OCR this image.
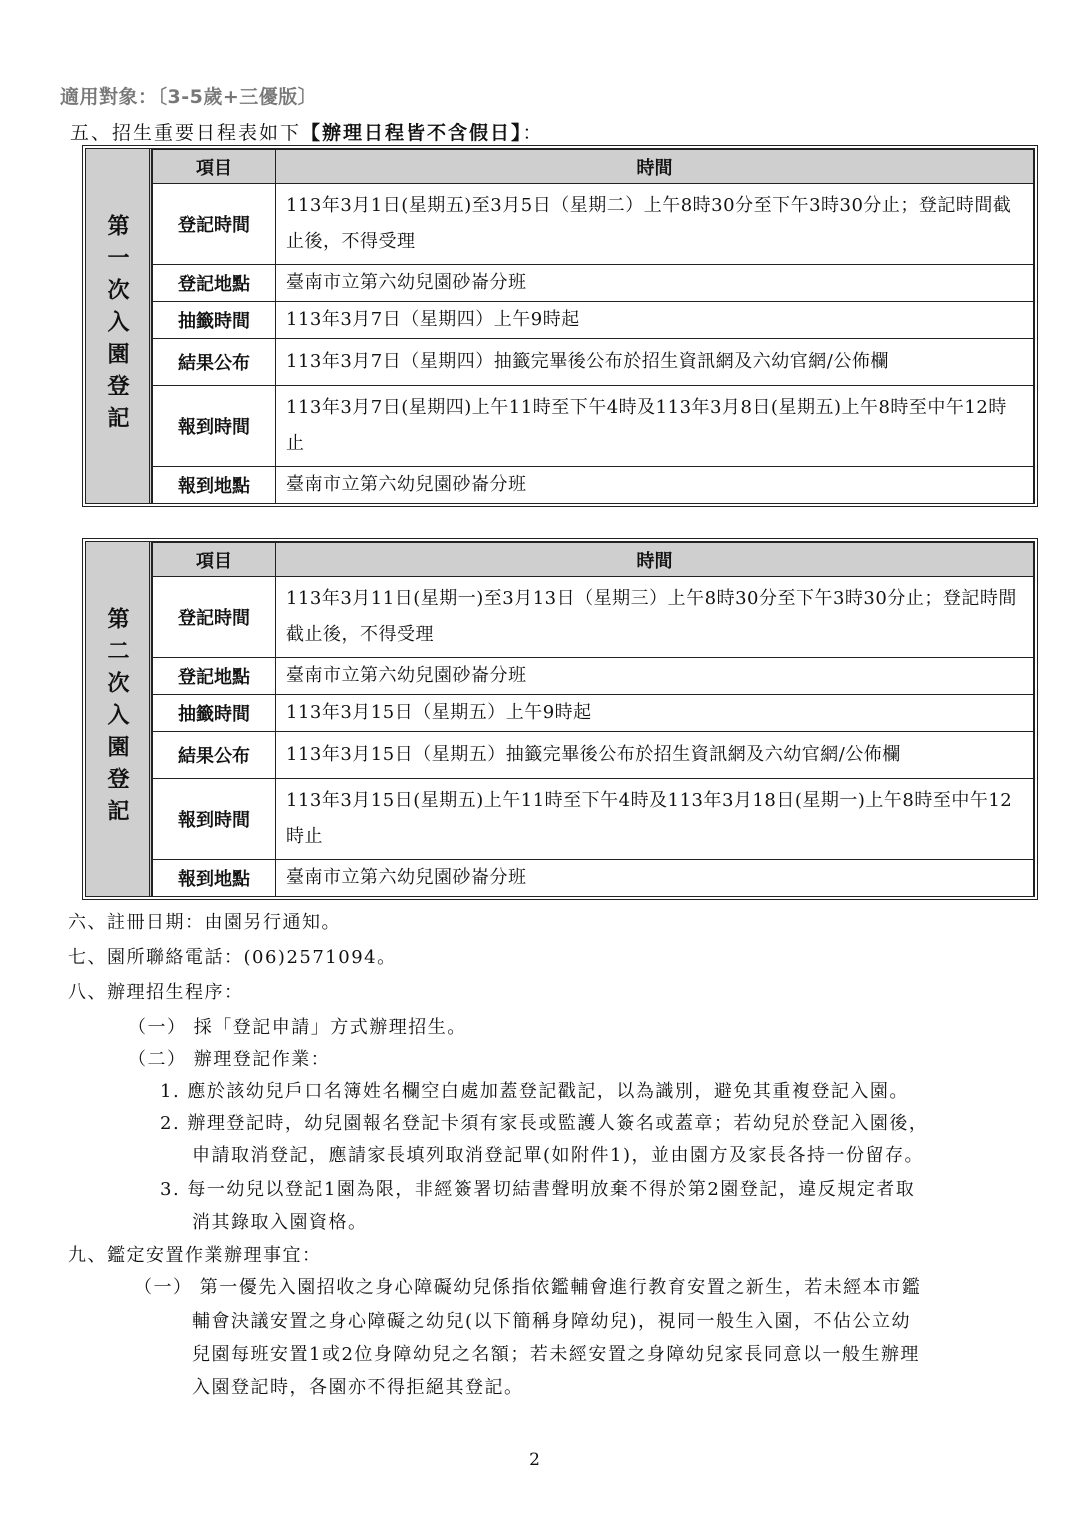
適用對象：〔3-5歲+三優版〕
五、招生重要日程表如下【辦理日程皆不含假日】：
第一次入園登記
項目	時間
登記時間	113年3月1日(星期五)至3月5日（星期二）上午8時30分至下午3時30分止；登記時間截止後，不得受理
登記地點	臺南市立第六幼兒園砂崙分班
抽籤時間	113年3月7日（星期四）上午9時起
結果公布	113年3月7日（星期四）抽籤完畢後公布於招生資訊網及六幼官網/公佈欄
報到時間	113年3月7日(星期四)上午11時至下午4時及113年3月8日(星期五)上午8時至中午12時止
報到地點	臺南市立第六幼兒園砂崙分班
第二次入園登記
項目	時間
登記時間	113年3月11日(星期一)至3月13日（星期三）上午8時30分至下午3時30分止；登記時間截止後，不得受理
登記地點	臺南市立第六幼兒園砂崙分班
抽籤時間	113年3月15日（星期五）上午9時起
結果公布	113年3月15日（星期五）抽籤完畢後公布於招生資訊網及六幼官網/公佈欄
報到時間	113年3月15日(星期五)上午11時至下午4時及113年3月18日(星期一)上午8時至中午12時止
報到地點	臺南市立第六幼兒園砂崙分班
六、註冊日期：由園另行通知。
七、園所聯絡電話：(06)2571094。
八、辦理招生程序：
（一） 採「登記申請」方式辦理招生。
（二） 辦理登記作業：
1. 應於該幼兒戶口名簿姓名欄空白處加蓋登記戳記，以為識別，避免其重複登記入園。
2. 辦理登記時，幼兒園報名登記卡須有家長或監護人簽名或蓋章；若幼兒於登記入園後，
申請取消登記，應請家長填列取消登記單(如附件1)，並由園方及家長各持一份留存。
3. 每一幼兒以登記1園為限，非經簽署切結書聲明放棄不得於第2園登記，違反規定者取
消其錄取入園資格。
九、鑑定安置作業辦理事宜：
（一） 第一優先入園招收之身心障礙幼兒係指依鑑輔會進行教育安置之新生，若未經本市鑑
輔會決議安置之身心障礙之幼兒(以下簡稱身障幼兒)，視同一般生入園，不佔公立幼
兒園每班安置1或2位身障幼兒之名額；若未經安置之身障幼兒家長同意以一般生辦理
入園登記時，各園亦不得拒絕其登記。
2
